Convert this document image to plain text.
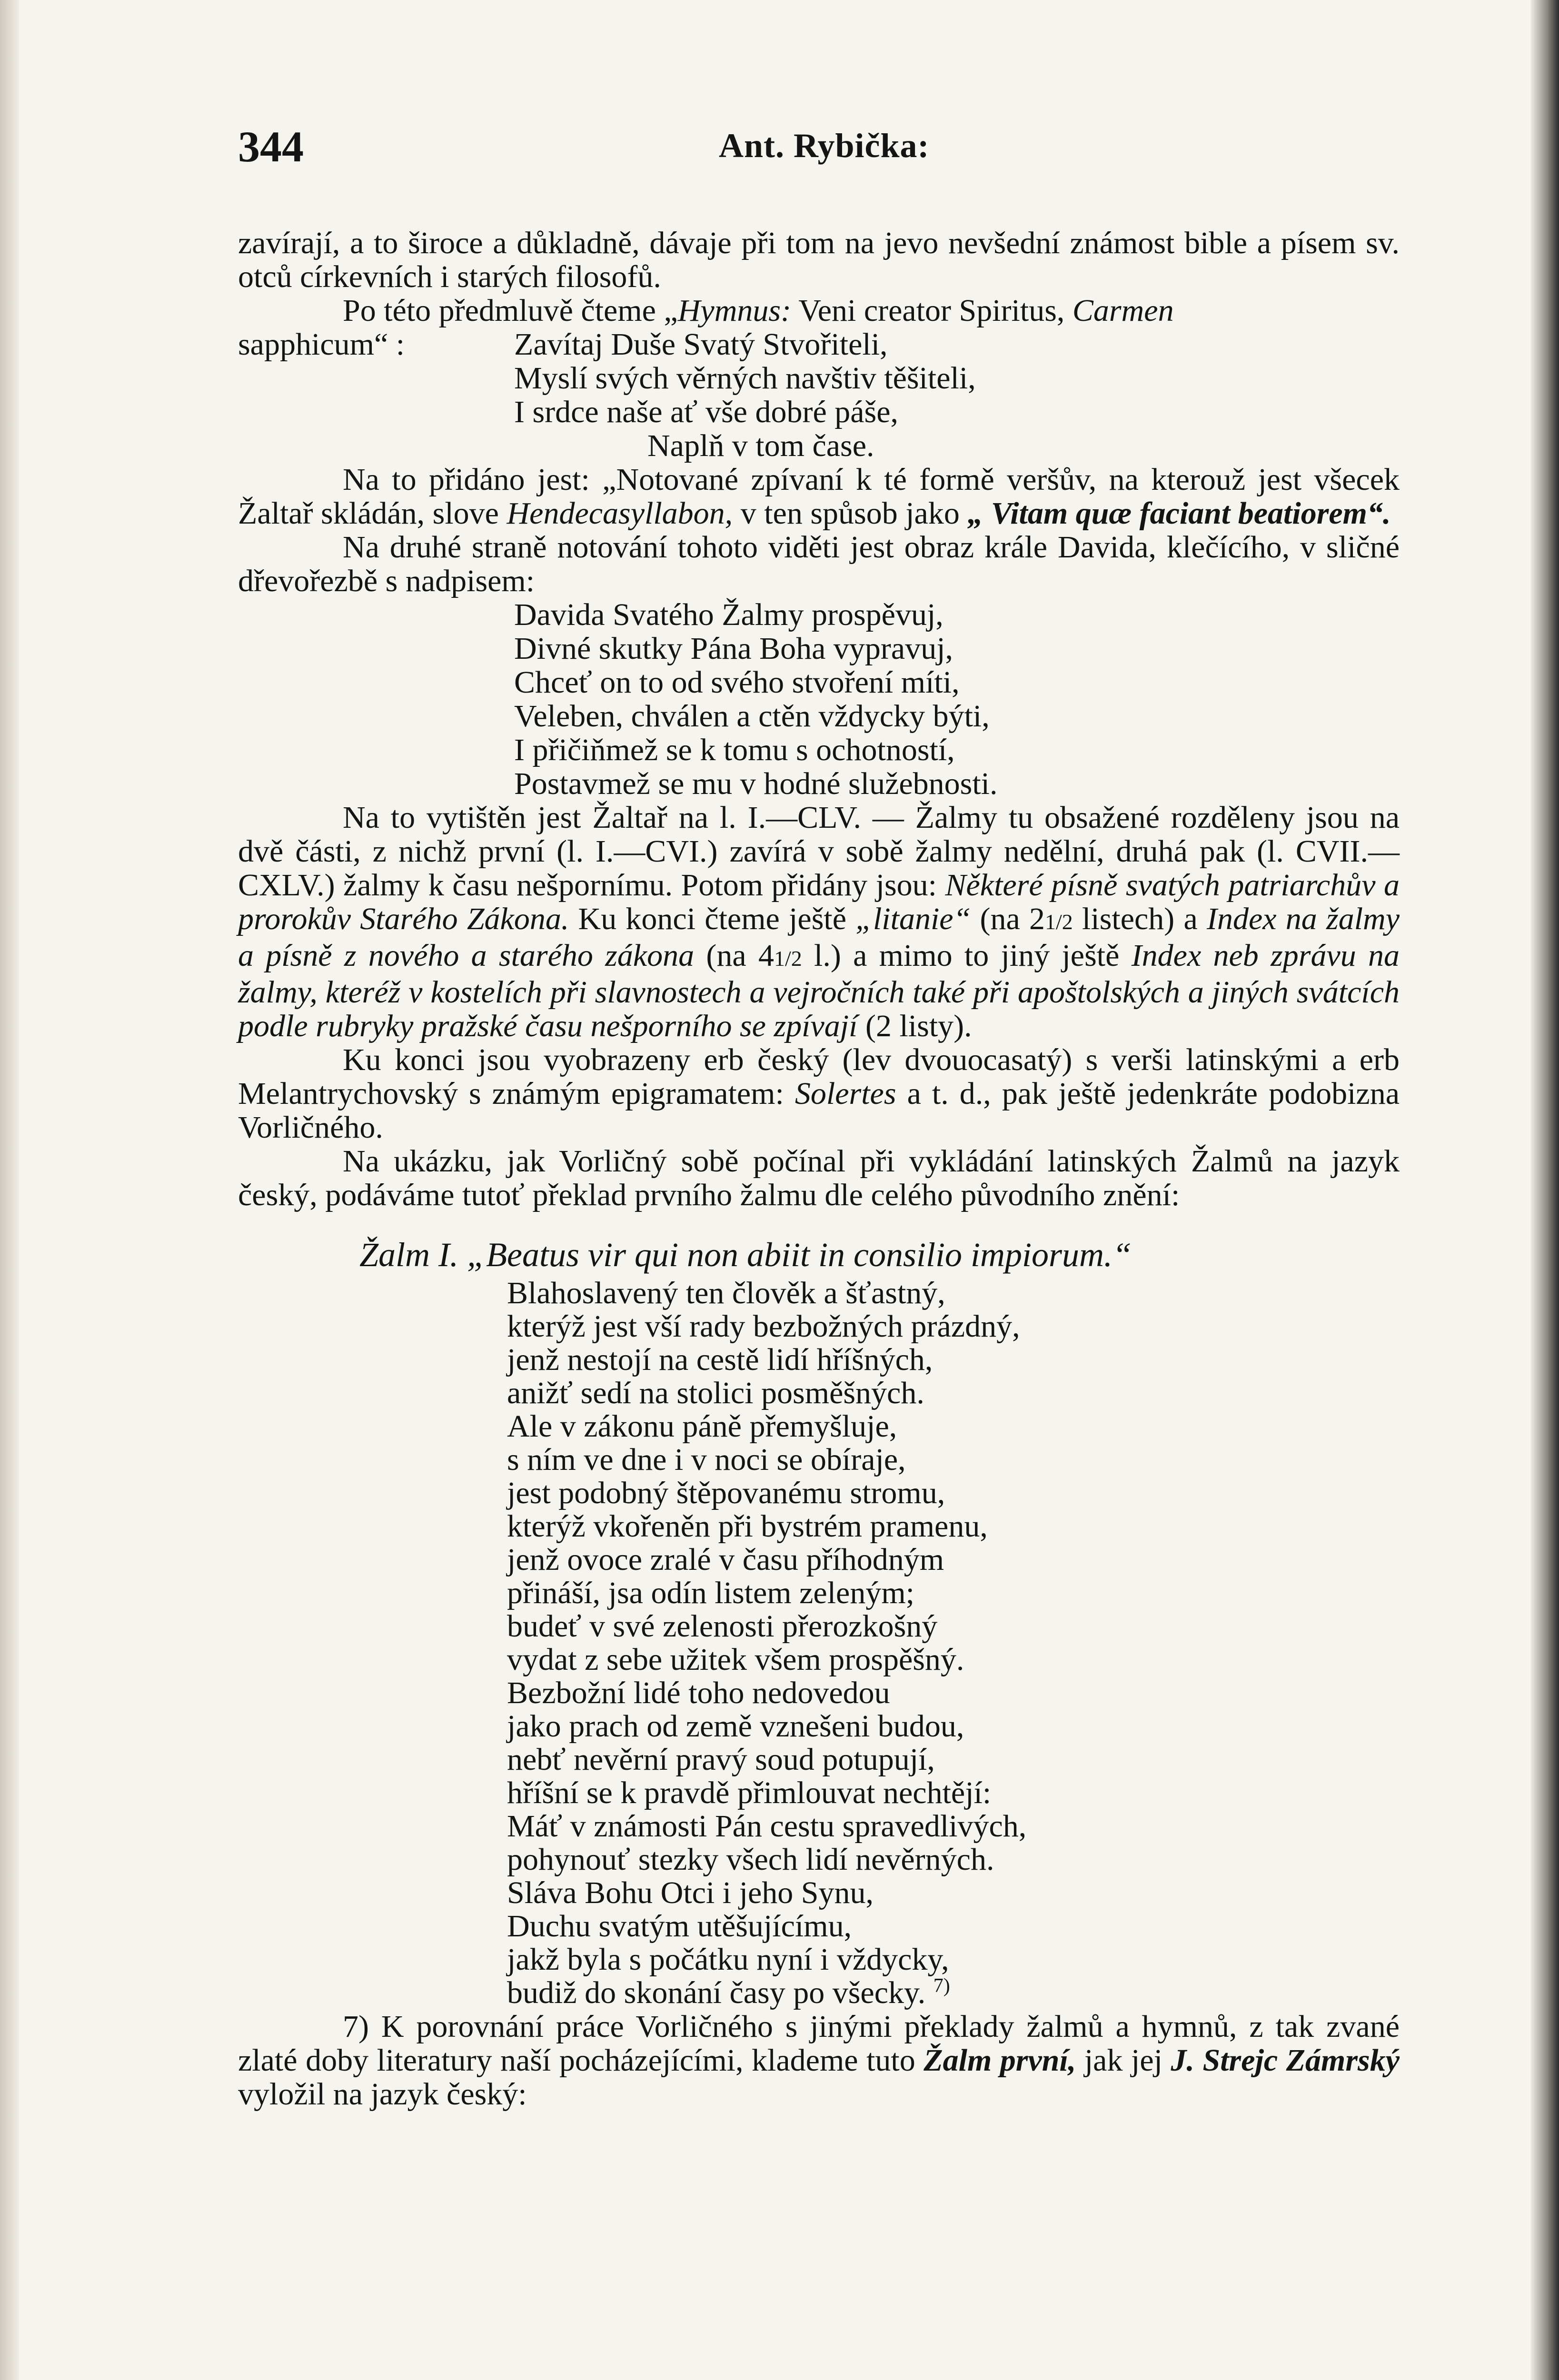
344	Ant. Rybička:

zavírají, a to široce a důkladně, dávaje při tom na jevo nevšední známost bible a písem sv. otců církevních i starých filosofů.

Po této předmluvě čteme „Hymnus: Veni creator Spiritus, Carmen

sapphicum“ :	Zavítaj Duše Svatý Stvořiteli,
Myslí svých věrných navštiv těšiteli,
I srdce naše ať vše dobré páše,
Naplň v tom čase.

Na to přidáno jest: „Notované zpívaní k té formě veršův, na kterouž jest všecek Žaltař skládán, slove Hendecasyllabon, v ten spůsob jako „ Vitam quæ faciant beatiorem“.

Na druhé straně notování tohoto viděti jest obraz krále Davida, klečícího, v sličné dřevořezbě s nadpisem:

Davida Svatého Žalmy prospěvuj,
Divné skutky Pána Boha vypravuj,
Chceť on to od svého stvoření míti,
Veleben, chválen a ctěn vždycky býti,
I přičiňmež se k tomu s ochotností,
Postavmež se mu v hodné služebnosti.

Na to vytištěn jest Žaltař na l. I.—CLV. — Žalmy tu obsažené rozděleny jsou na dvě části, z nichž první (l. I.—CVI.) zavírá v sobě žalmy nedělní, druhá pak (l. CVII.—CXLV.) žalmy k času nešpornímu. Potom přidány jsou: Některé písně svatých patriarchův a prorokův Starého Zákona. Ku konci čteme ještě „litanie“ (na 21/2 listech) a Index na žalmy a písně z nového a starého zákona (na 41/2 l.) a mimo to jiný ještě Index neb zprávu na žalmy, kteréž v kostelích při slavnostech a vejročních také při apoštolských a jiných svátcích podle rubryky pražské času nešporního se zpívají (2 listy).

Ku konci jsou vyobrazeny erb český (lev dvouocasatý) s verši latinskými a erb Melantrychovský s známým epigramatem: Solertes a t. d., pak ještě jedenkráte podobizna Vorličného.

Na ukázku, jak Vorličný sobě počínal při vykládání latinských Žalmů na jazyk český, podáváme tutoť překlad prvního žalmu dle celého původního znění:

Žalm I. „Beatus vir qui non abiit in consilio impiorum.“
Blahoslavený ten člověk a šťastný,
kterýž jest vší rady bezbožných prázdný,
jenž nestojí na cestě lidí hříšných,
anižť sedí na stolici posměšných.
Ale v zákonu páně přemyšluje,
s ním ve dne i v noci se obíraje,
jest podobný štěpovanému stromu,
kterýž vkořeněn při bystrém pramenu,
jenž ovoce zralé v času příhodným
přináší, jsa odín listem zeleným;
budeť v své zelenosti přerozkošný
vydat z sebe užitek všem prospěšný.
Bezbožní lidé toho nedovedou
jako prach od země vznešeni budou,
nebť nevěrní pravý soud potupují,
hříšní se k pravdě přimlouvat nechtějí:
Máť v známosti Pán cestu spravedlivých,
pohynouť stezky všech lidí nevěrných.
Sláva Bohu Otci i jeho Synu,
Duchu svatým utěšujícímu,
jakž byla s počátku nyní i vždycky,
budiž do skonání časy po všecky. $^{7)}$

7) K porovnání práce Vorličného s jinými překlady žalmů a hymnů, z tak zvané zlaté doby literatury naší pocházejícími, klademe tuto Žalm první, jak jej J. Strejc Zámrský vyložil na jazyk český:
